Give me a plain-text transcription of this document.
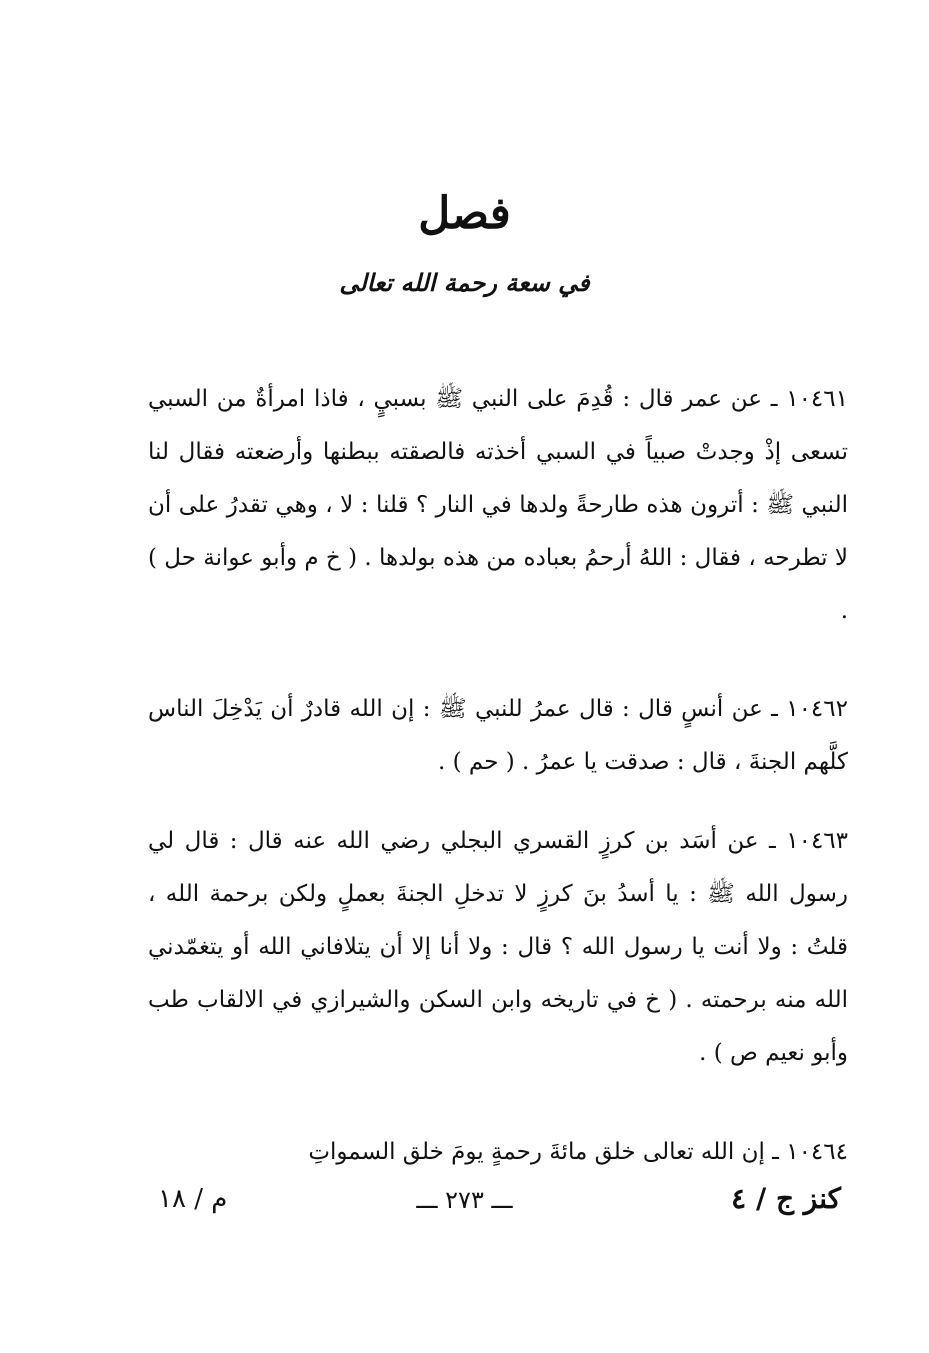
فصل
في سعة رحمة الله تعالى

١٠٤٦١ ـ عن عمر قال : قُدِمَ على النبي ﷺ بسبيٍ ، فاذا امرأةٌ من السبي تسعى إذْ وجدتْ صبياً في السبي أخذته فالصقته ببطنها وأرضعته فقال لنا النبي ﷺ : أترون هذه طارحةً ولدها في النار ؟ قلنا : لا ، وهي تقدرُ على أن لا تطرحه ، فقال : اللهُ أرحمُ بعباده من هذه بولدها . ( خ م وأبو عوانة حل ) .

١٠٤٦٢ ـ عن أنسٍ قال : قال عمرُ للنبي ﷺ : إن الله قادرٌ أن يَدْخِلَ الناس كلَّهم الجنةَ ، قال : صدقت يا عمرُ . ( حم ) .

١٠٤٦٣ ـ عن أسَد بن كرزٍ القسري البجلي رضي الله عنه قال : قال لي رسول الله ﷺ : يا أسدُ بنَ كرزٍ لا تدخلِ الجنةَ بعملٍ ولكن برحمة الله ، قلتُ : ولا أنت يا رسول الله ؟ قال : ولا أنا إلا أن يتلافاني الله أو يتغمّدني الله منه برحمته . ( خ في تاريخه وابن السكن والشيرازي في الالقاب طب وأبو نعيم ص ) .

١٠٤٦٤ ـ إن الله تعالى خلق مائةَ رحمةٍ يومَ خلق السمواتِ

كنز ج / ٤
ـــ ٢٧٣ ـــ
م / ١٨
